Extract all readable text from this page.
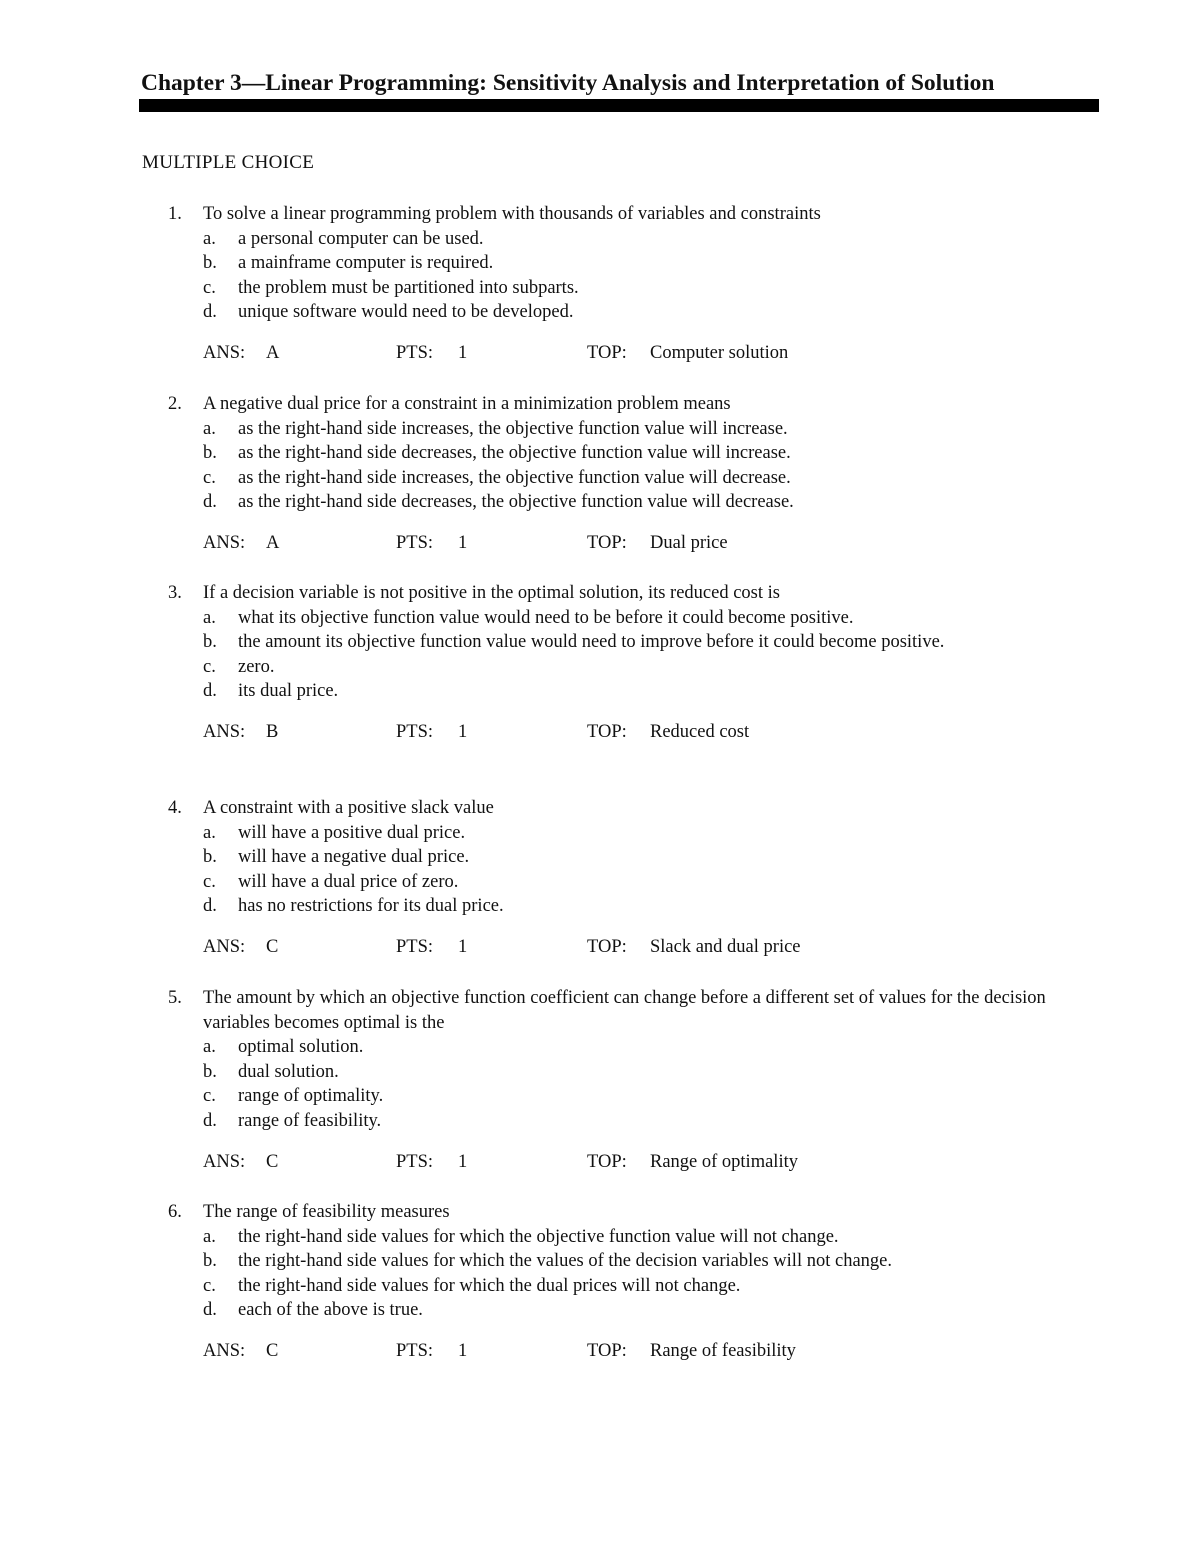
Chapter 3—Linear Programming: Sensitivity Analysis and Interpretation of Solution
MULTIPLE CHOICE
1.	To solve a linear programming problem with thousands of variables and constraints
a.	a personal computer can be used.
b.	a mainframe computer is required.
c.	the problem must be partitioned into subparts.
d.	unique software would need to be developed.
ANS: A	PTS: 1	TOP: Computer solution
2.	A negative dual price for a constraint in a minimization problem means
a.	as the right-hand side increases, the objective function value will increase.
b.	as the right-hand side decreases, the objective function value will increase.
c.	as the right-hand side increases, the objective function value will decrease.
d.	as the right-hand side decreases, the objective function value will decrease.
ANS: A	PTS: 1	TOP: Dual price
3.	If a decision variable is not positive in the optimal solution, its reduced cost is
a.	what its objective function value would need to be before it could become positive.
b.	the amount its objective function value would need to improve before it could become positive.
c.	zero.
d.	its dual price.
ANS: B	PTS: 1	TOP: Reduced cost
4.	A constraint with a positive slack value
a.	will have a positive dual price.
b.	will have a negative dual price.
c.	will have a dual price of zero.
d.	has no restrictions for its dual price.
ANS: C	PTS: 1	TOP: Slack and dual price
5.	The amount by which an objective function coefficient can change before a different set of values for the decision variables becomes optimal is the
a.	optimal solution.
b.	dual solution.
c.	range of optimality.
d.	range of feasibility.
ANS: C	PTS: 1	TOP: Range of optimality
6.	The range of feasibility measures
a.	the right-hand side values for which the objective function value will not change.
b.	the right-hand side values for which the values of the decision variables will not change.
c.	the right-hand side values for which the dual prices will not change.
d.	each of the above is true.
ANS: C	PTS: 1	TOP: Range of feasibility
